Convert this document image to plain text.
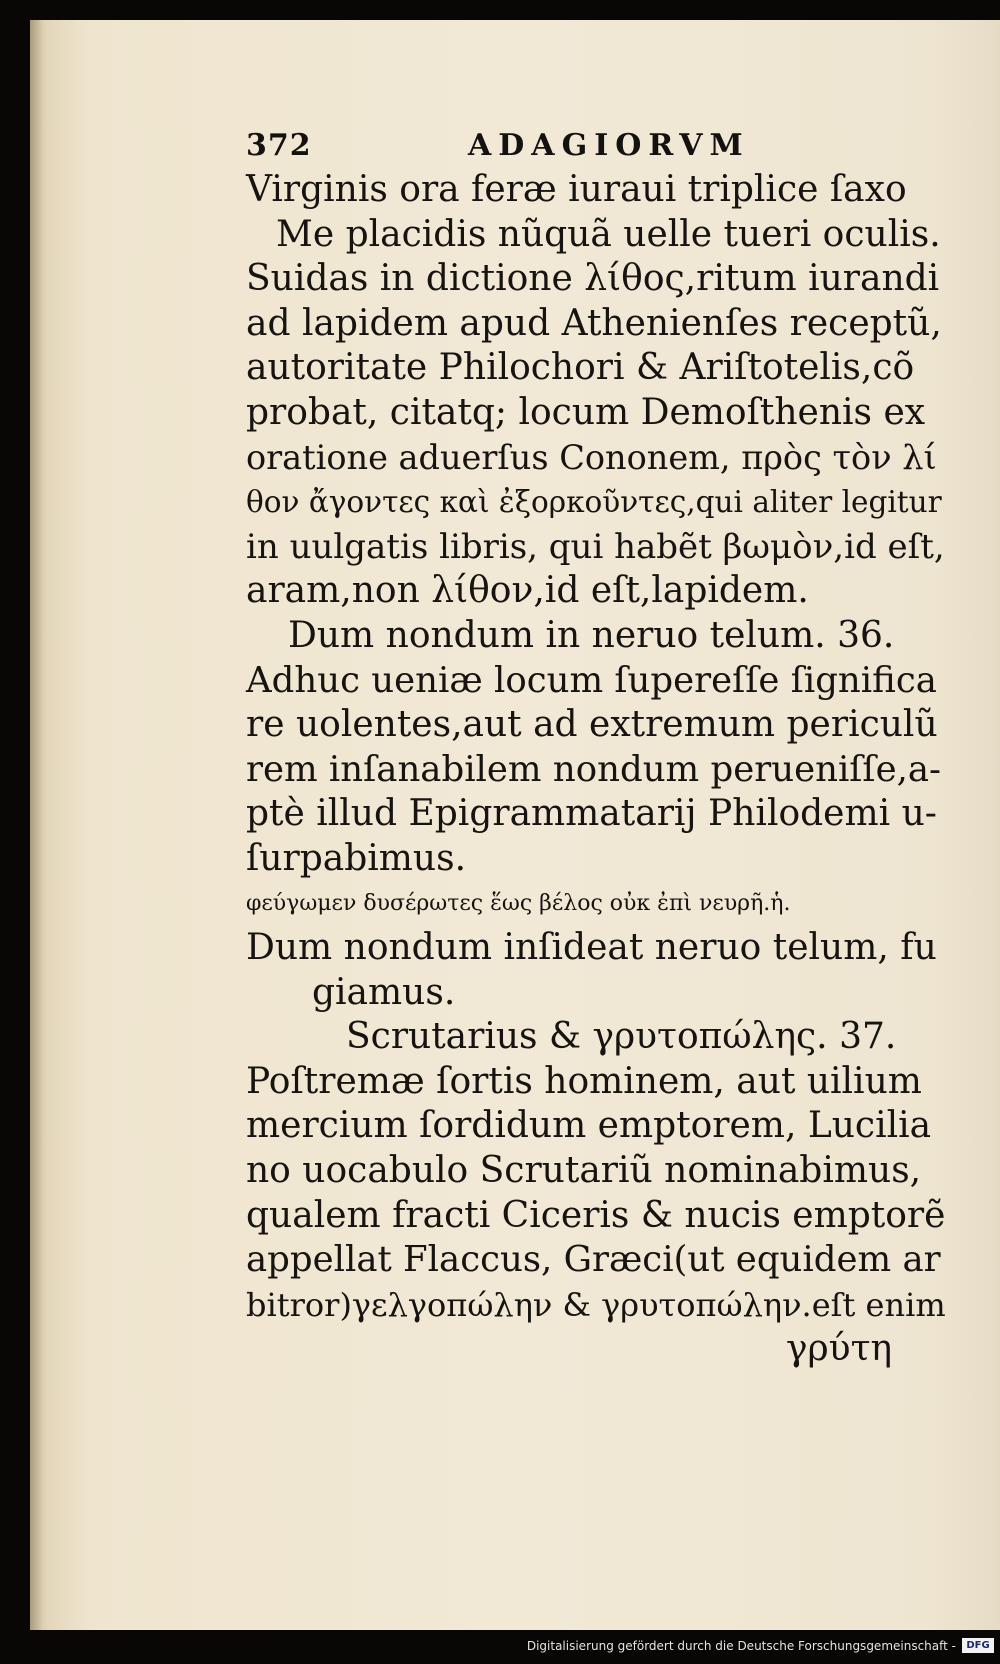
372	ADAGIORVM
Virginis ora feræ iuraui triplice ſaxo
Me placidis nũquã uelle tueri oculis.
Suidas in dictione λίθος,ritum iurandi
ad lapidem apud Athenienſes receptũ,
autoritate Philochori & Ariſtotelis,cõ
probat, citatq; locum Demoſthenis ex
oratione aduerſus Cononem, πρὸς τὸν λί
θον ἄγοντες καὶ ἐξορκοῦντες,qui aliter legitur
in uulgatis libris, qui habẽt βωμὸν,id eſt,
aram,non λίθον,id eſt,lapidem.
Dum nondum in neruo telum. 36.
Adhuc ueniæ locum ſupereſſe ſignifica
re uolentes,aut ad extremum periculũ
rem inſanabilem nondum perueniſſe,a-
ptè illud Epigrammatarij Philodemi u-
ſurpabimus.
φεύγωμεν δυσέρωτες ἕως βέλος οὐκ ἐπὶ νευρῆ.ἡ.
Dum nondum inſideat neruo telum, fu
giamus.
Scrutarius & γρυτοπώλης. 37.
Poſtremæ ſortis hominem, aut uilium
mercium ſordidum emptorem, Lucilia
no uocabulo Scrutariũ nominabimus,
qualem fracti Ciceris & nucis emptorẽ
appellat Flaccus, Græci(ut equidem ar
bitror)γελγοπώλην & γρυτοπώλην.eſt enim
γρύτη
Digitalisierung gefördert durch die Deutsche Forschungsgemeinschaft -	DFG
